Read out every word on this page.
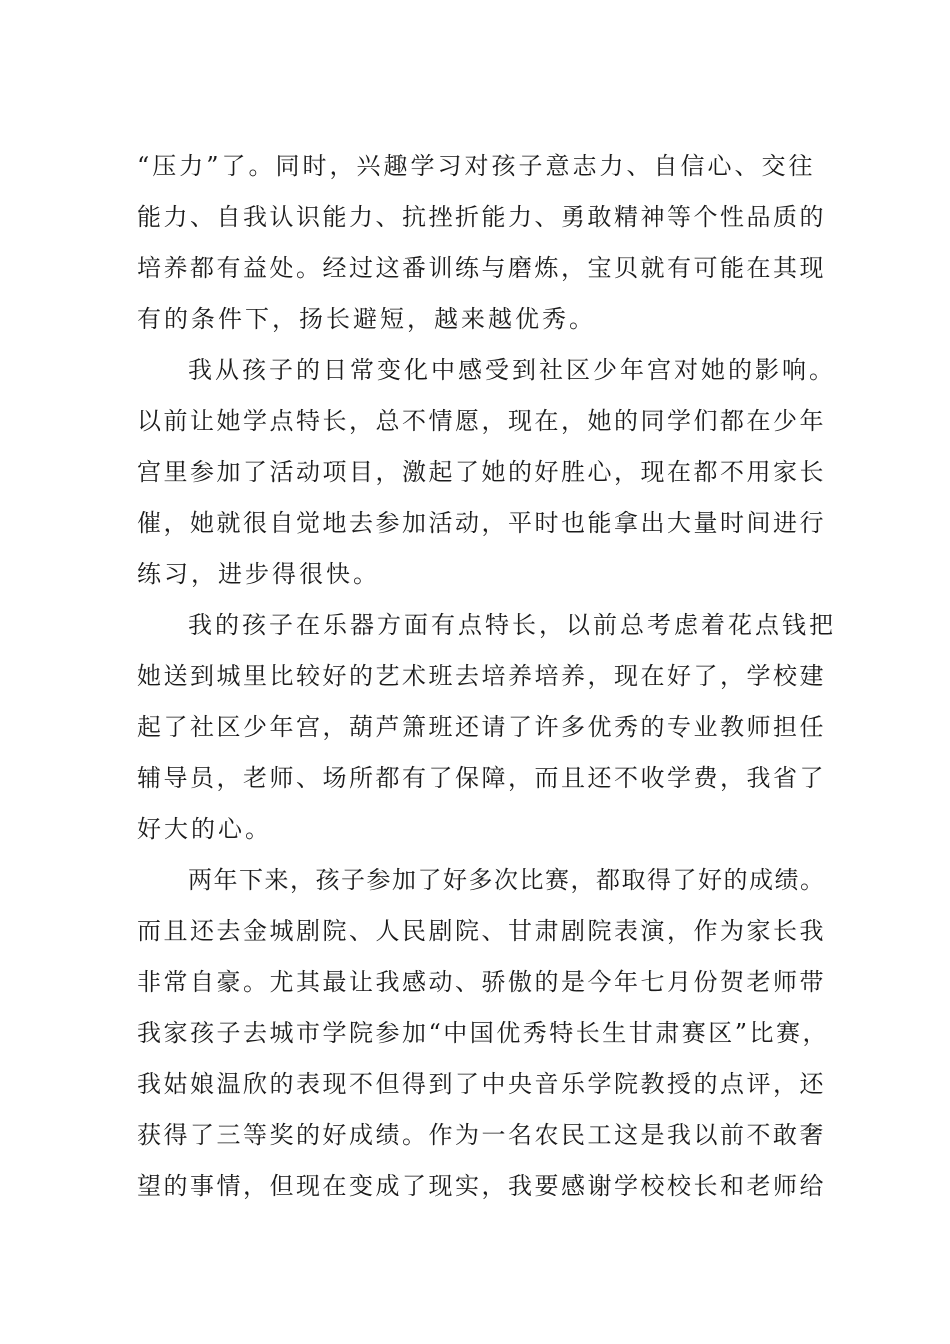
“压力”了。同时，兴趣学习对孩子意志力、自信心、交往
能力、自我认识能力、抗挫折能力、勇敢精神等个性品质的
培养都有益处。经过这番训练与磨炼，宝贝就有可能在其现
有的条件下，扬长避短，越来越优秀。
我从孩子的日常变化中感受到社区少年宫对她的影响。
以前让她学点特长，总不情愿，现在，她的同学们都在少年
宫里参加了活动项目，激起了她的好胜心，现在都不用家长
催，她就很自觉地去参加活动，平时也能拿出大量时间进行
练习，进步得很快。
我的孩子在乐器方面有点特长，以前总考虑着花点钱把
她送到城里比较好的艺术班去培养培养，现在好了，学校建
起了社区少年宫，葫芦箫班还请了许多优秀的专业教师担任
辅导员，老师、场所都有了保障，而且还不收学费，我省了
好大的心。
两年下来，孩子参加了好多次比赛，都取得了好的成绩。
而且还去金城剧院、人民剧院、甘肃剧院表演，作为家长我
非常自豪。尤其最让我感动、骄傲的是今年七月份贺老师带
我家孩子去城市学院参加“中国优秀特长生甘肃赛区”比赛，
我姑娘温欣的表现不但得到了中央音乐学院教授的点评，还
获得了三等奖的好成绩。作为一名农民工这是我以前不敢奢
望的事情，但现在变成了现实，我要感谢学校校长和老师给
